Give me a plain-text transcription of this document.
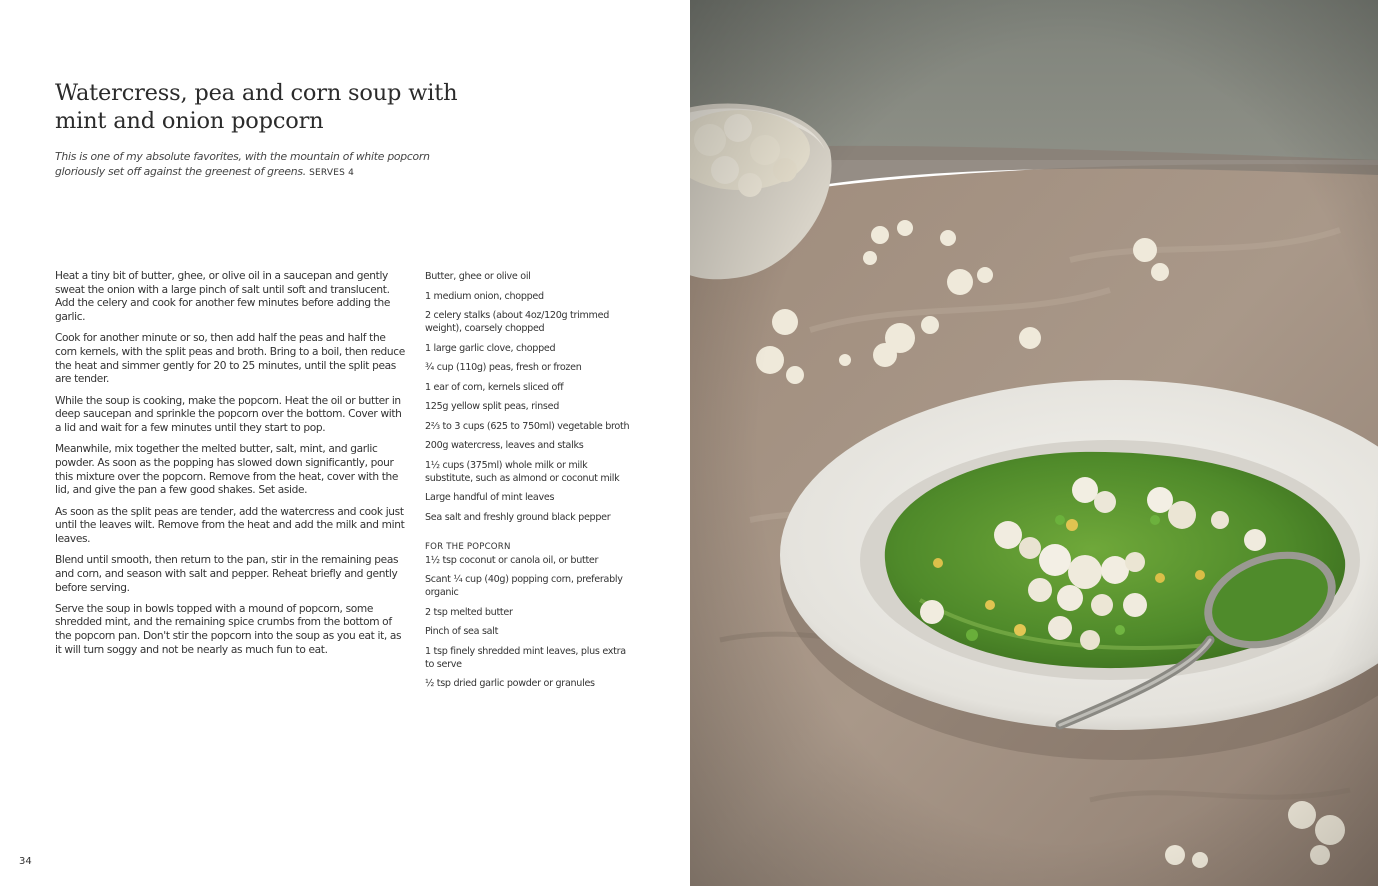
Watercress, pea and corn soup with mint and onion popcorn

This is one of my absolute favorites, with the mountain of white popcorn gloriously set off against the greenest of greens. SERVES 4

Heat a tiny bit of butter, ghee, or olive oil in a saucepan and gently sweat the onion with a large pinch of salt until soft and translucent. Add the celery and cook for another few minutes before adding the garlic.

Cook for another minute or so, then add half the peas and half the corn kernels, with the split peas and broth. Bring to a boil, then reduce the heat and simmer gently for 20 to 25 minutes, until the split peas are tender.

While the soup is cooking, make the popcorn. Heat the oil or butter in deep saucepan and sprinkle the popcorn over the bottom. Cover with a lid and wait for a few minutes until they start to pop.

Meanwhile, mix together the melted butter, salt, mint, and garlic powder. As soon as the popping has slowed down significantly, pour this mixture over the popcorn. Remove from the heat, cover with the lid, and give the pan a few good shakes. Set aside.

As soon as the split peas are tender, add the watercress and cook just until the leaves wilt. Remove from the heat and add the milk and mint leaves.

Blend until smooth, then return to the pan, stir in the remaining peas and corn, and season with salt and pepper. Reheat briefly and gently before serving.

Serve the soup in bowls topped with a mound of popcorn, some shredded mint, and the remaining spice crumbs from the bottom of the popcorn pan. Don't stir the popcorn into the soup as you eat it, as it will turn soggy and not be nearly as much fun to eat.

Butter, ghee or olive oil
1 medium onion, chopped
2 celery stalks (about 4oz/120g trimmed weight), coarsely chopped
1 large garlic clove, chopped
¾ cup (110g) peas, fresh or frozen
1 ear of corn, kernels sliced off
125g yellow split peas, rinsed
2⅔ to 3 cups (625 to 750ml) vegetable broth
200g watercress, leaves and stalks
1½ cups (375ml) whole milk or milk substitute, such as almond or coconut milk
Large handful of mint leaves
Sea salt and freshly ground black pepper
FOR THE POPCORN
1½ tsp coconut or canola oil, or butter
Scant ¼ cup (40g) popping corn, preferably organic
2 tsp melted butter
Pinch of sea salt
1 tsp finely shredded mint leaves, plus extra to serve
½ tsp dried garlic powder or granules
34
